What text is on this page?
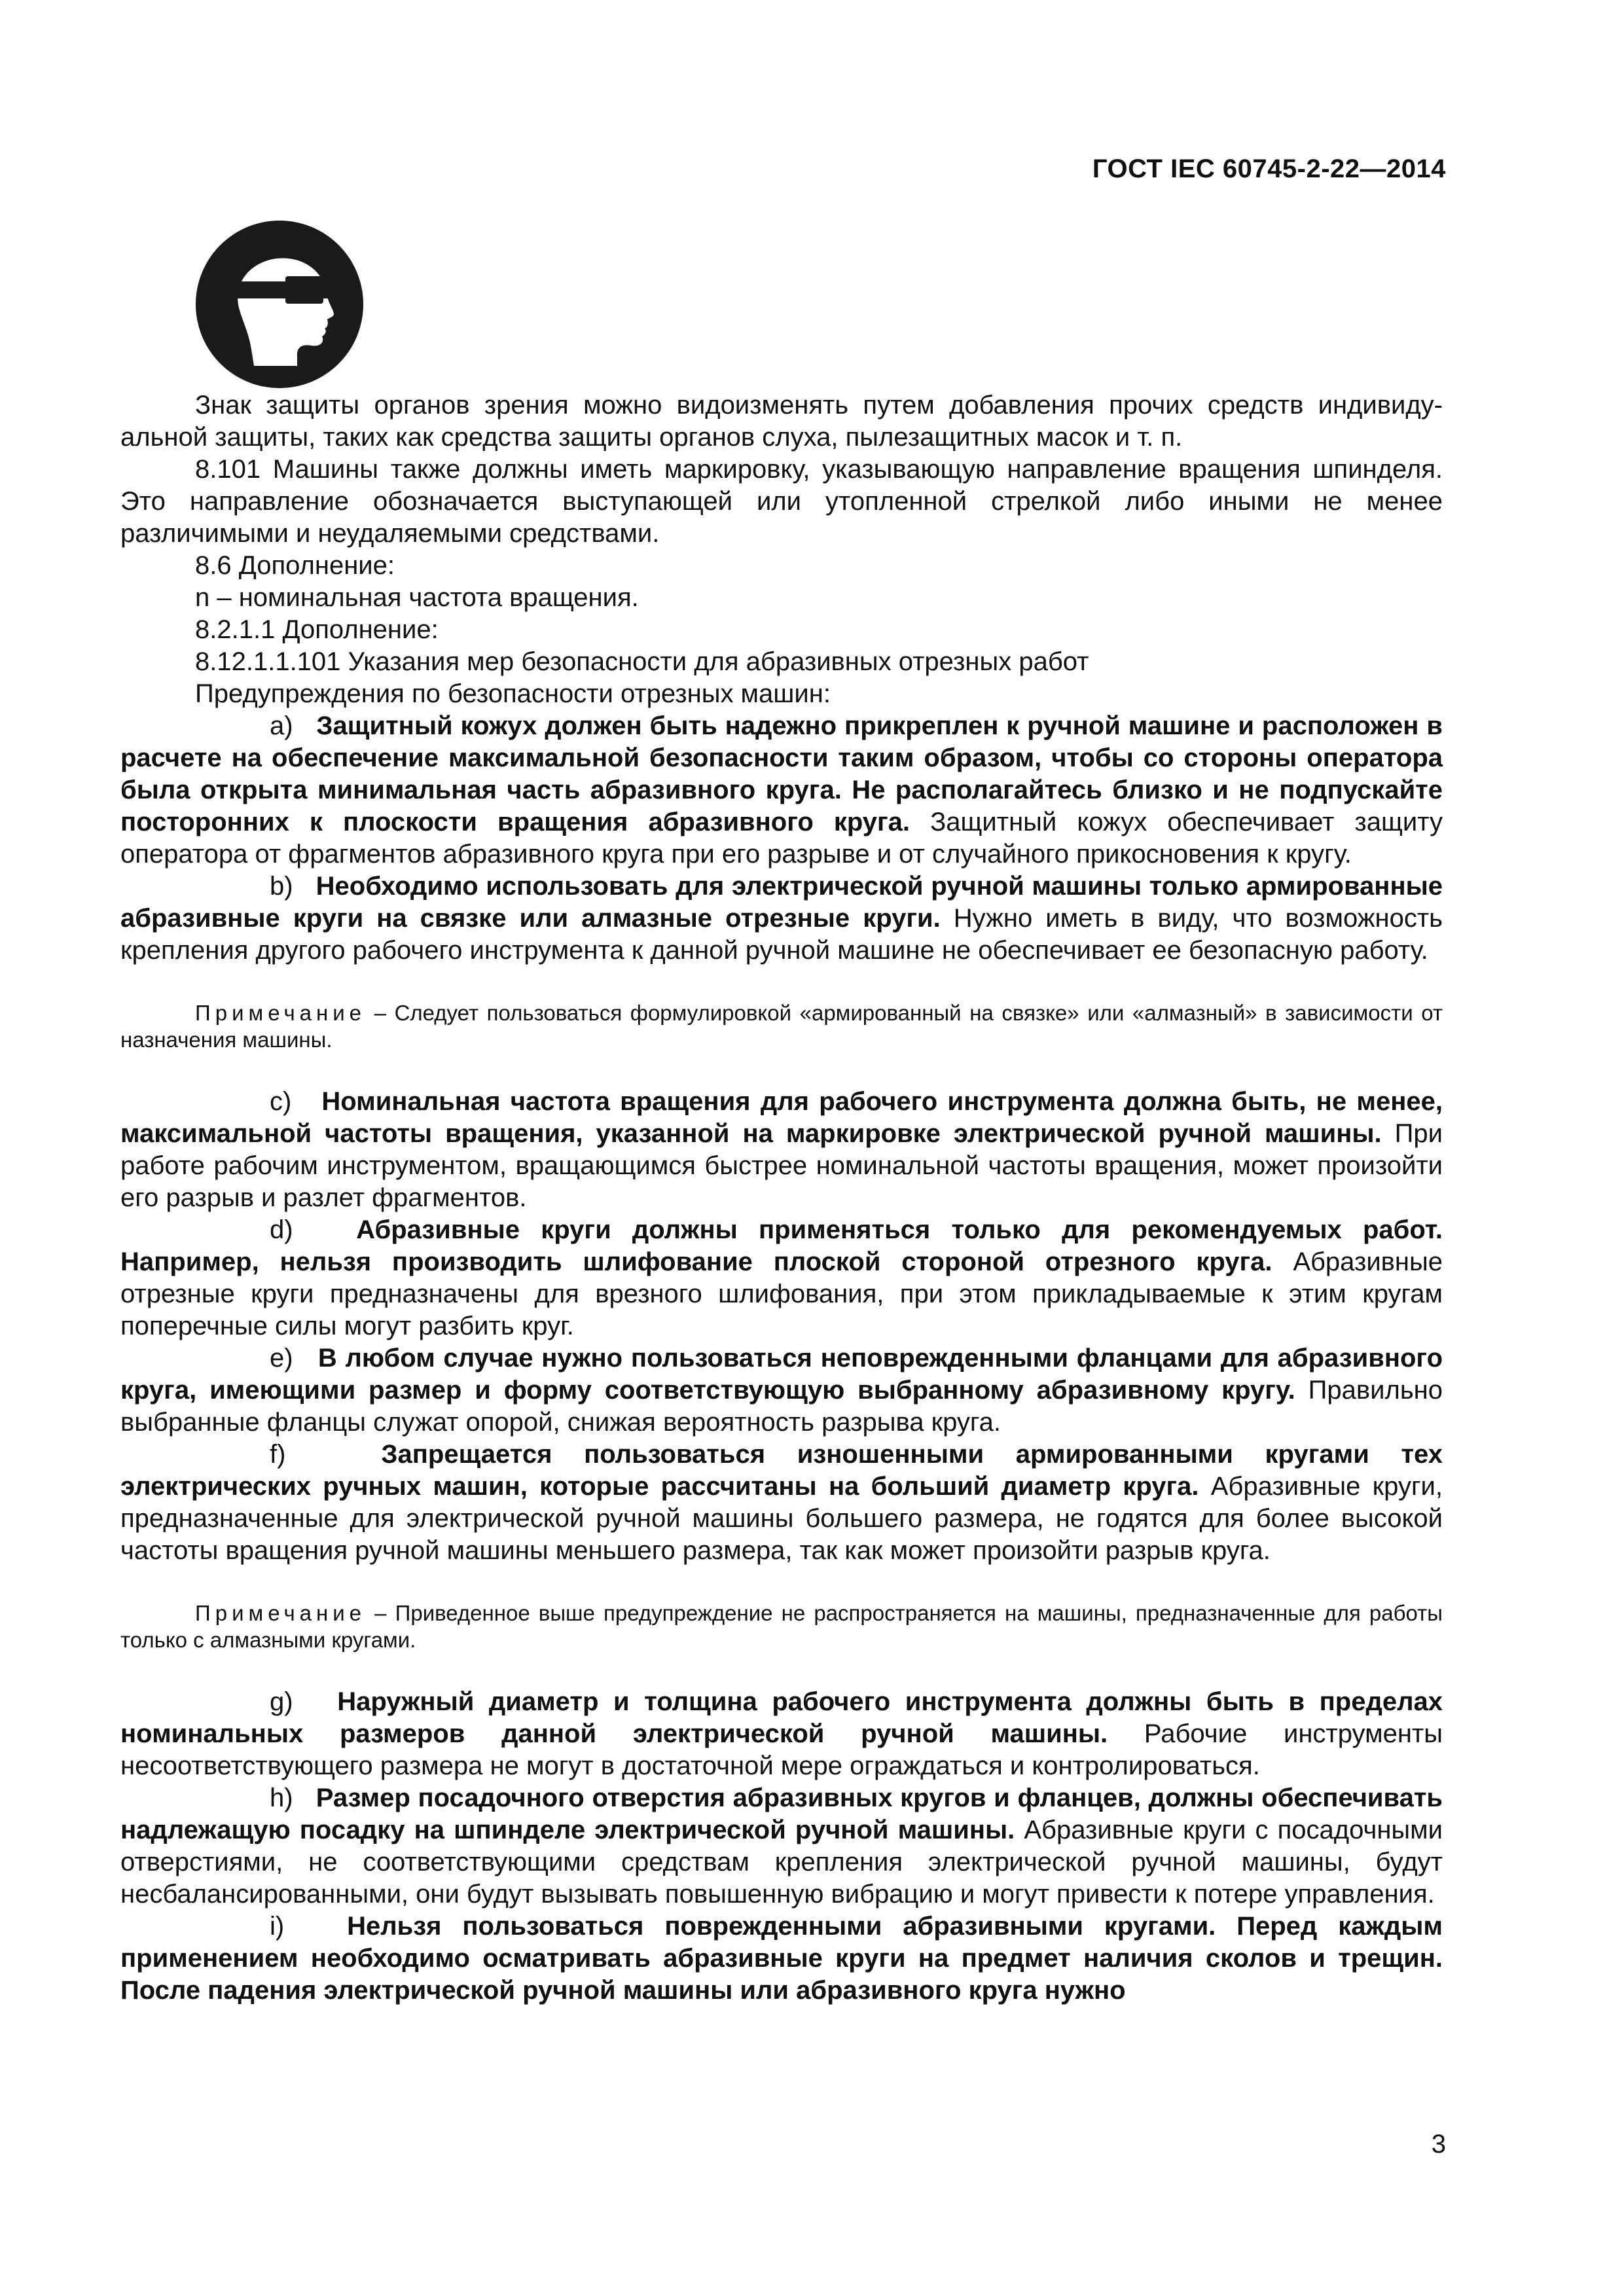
ГОСТ IEC 60745-2-22—2014

Знак защиты органов зрения можно видоизменять путем добавления прочих средств индивидуальной защиты, таких как средства защиты органов слуха, пылезащитных масок и т. п.

8.101 Машины также должны иметь маркировку, указывающую направление вращения шпинделя. Это направление обозначается выступающей или утопленной стрелкой либо иными не менее различимыми и неудаляемыми средствами.

8.6 Дополнение:

n – номинальная частота вращения.

8.2.1.1 Дополнение:

8.12.1.1.101 Указания мер безопасности для абразивных отрезных работ

Предупреждения по безопасности отрезных машин:

a) Защитный кожух должен быть надежно прикреплен к ручной машине и расположен в расчете на обеспечение максимальной безопасности таким образом, чтобы со стороны оператора была открыта минимальная часть абразивного круга. Не располагайтесь близко и не подпускайте посторонних к плоскости вращения абразивного круга. Защитный кожух обеспечивает защиту оператора от фрагментов абразивного круга при его разрыве и от случайного прикосновения к кругу.

b) Необходимо использовать для электрической ручной машины только армированные абразивные круги на связке или алмазные отрезные круги. Нужно иметь в виду, что возможность крепления другого рабочего инструмента к данной ручной машине не обеспечивает ее безопасную работу.

Примечание – Следует пользоваться формулировкой «армированный на связке» или «алмазный» в зависимости от назначения машины.

c) Номинальная частота вращения для рабочего инструмента должна быть, не менее, максимальной частоты вращения, указанной на маркировке электрической ручной машины. При работе рабочим инструментом, вращающимся быстрее номинальной частоты вращения, может произойти его разрыв и разлет фрагментов.

d) Абразивные круги должны применяться только для рекомендуемых работ. Например, нельзя производить шлифование плоской стороной отрезного круга. Абразивные отрезные круги предназначены для врезного шлифования, при этом прикладываемые к этим кругам поперечные силы могут разбить круг.

e) В любом случае нужно пользоваться неповрежденными фланцами для абразивного круга, имеющими размер и форму соответствующую выбранному абразивному кругу. Правильно выбранные фланцы служат опорой, снижая вероятность разрыва круга.

f)	Запрещается пользоваться изношенными армированными кругами тех электрических ручных машин, которые рассчитаны на больший диаметр круга. Абразивные круги, предназначенные для электрической ручной машины большего размера, не годятся для более высокой частоты вращения ручной машины меньшего размера, так как может произойти разрыв круга.

Примечание – Приведенное выше предупреждение не распространяется на машины, предназначенные для работы только с алмазными кругами.

g) Наружный диаметр и толщина рабочего инструмента должны быть в пределах номинальных размеров данной электрической ручной машины. Рабочие инструменты несоответствующего размера не могут в достаточной мере ограждаться и контролироваться.

h) Размер посадочного отверстия абразивных кругов и фланцев, должны обеспечивать надлежащую посадку на шпинделе электрической ручной машины. Абразивные круги с посадочными отверстиями, не соответствующими средствам крепления электрической ручной машины, будут несбалансированными, они будут вызывать повышенную вибрацию и могут привести к потере управления.

i) Нельзя пользоваться поврежденными абразивными кругами. Перед каждым применением необходимо осматривать абразивные круги на предмет наличия сколов и трещин. После падения электрической ручной машины или абразивного круга нужно

3
